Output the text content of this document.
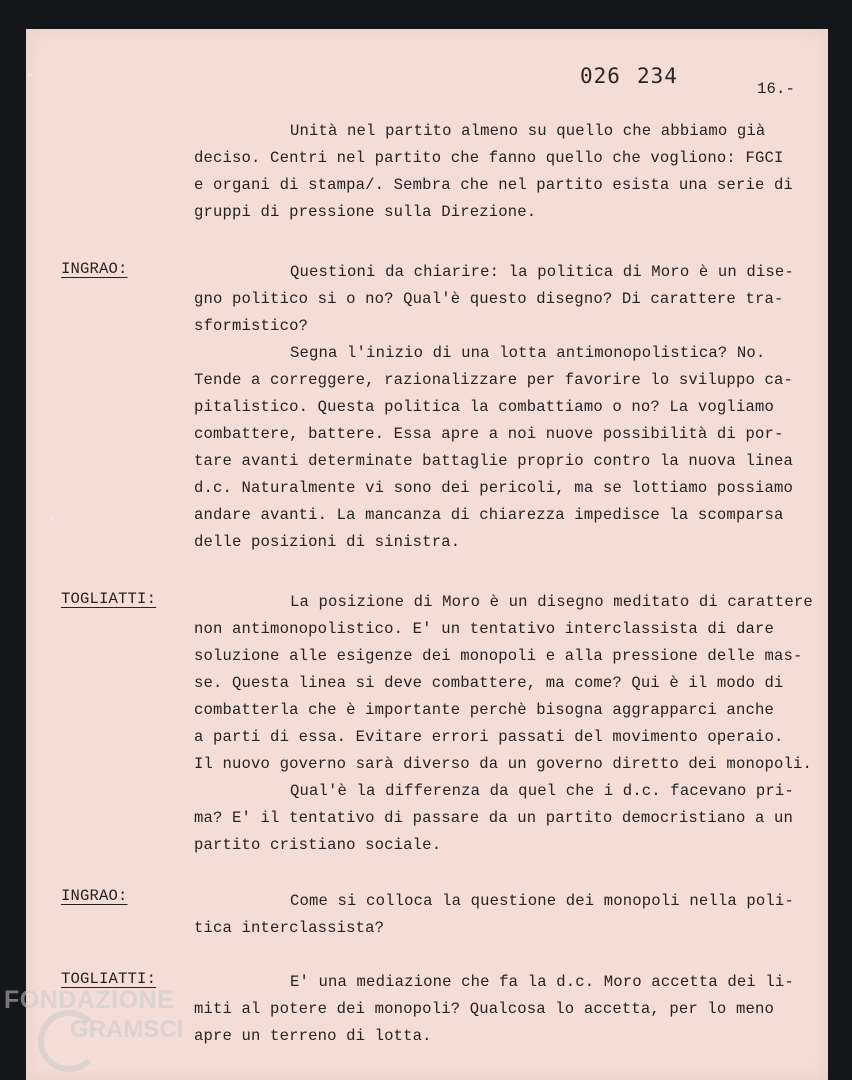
026 234
16.-
Unità nel partito almeno su quello che abbiamo già
deciso. Centri nel partito che fanno quello che vogliono: FGCI
e organi di stampa/. Sembra che nel partito esista una serie di
gruppi di pressione sulla Direzione.
INGRAO:	Questioni da chiarire: la politica di Moro è un dise-
gno politico si o no? Qual'è questo disegno? Di carattere tra-
sformistico?
Segna l'inizio di una lotta antimonopolistica? No.
Tende a correggere, razionalizzare per favorire lo sviluppo ca-
pitalistico. Questa politica la combattiamo o no? La vogliamo
combattere, battere. Essa apre a noi nuove possibilità di por-
tare avanti determinate battaglie proprio contro la nuova linea
d.c. Naturalmente vi sono dei pericoli, ma se lottiamo possiamo
andare avanti. La mancanza di chiarezza impedisce la scomparsa
delle posizioni di sinistra.
TOGLIATTI:	La posizione di Moro è un disegno meditato di carattere
non antimonopolistico. E' un tentativo interclassista di dare
soluzione alle esigenze dei monopoli e alla pressione delle mas-
se. Questa linea si deve combattere, ma come? Qui è il modo di
combatterla che è importante perchè bisogna aggrapparci anche
a parti di essa. Evitare errori passati del movimento operaio.
Il nuovo governo sarà diverso da un governo diretto dei monopoli.
Qual'è la differenza da quel che i d.c. facevano pri-
ma? E' il tentativo di passare da un partito democristiano a un
partito cristiano sociale.
INGRAO:	Come si colloca la questione dei monopoli nella poli-
tica interclassista?
TOGLIATTI:	E' una mediazione che fa la d.c. Moro accetta dei li-
miti al potere dei monopoli? Qualcosa lo accetta, per lo meno
apre un terreno di lotta.
FONDAZIONE
GRAMSCI
